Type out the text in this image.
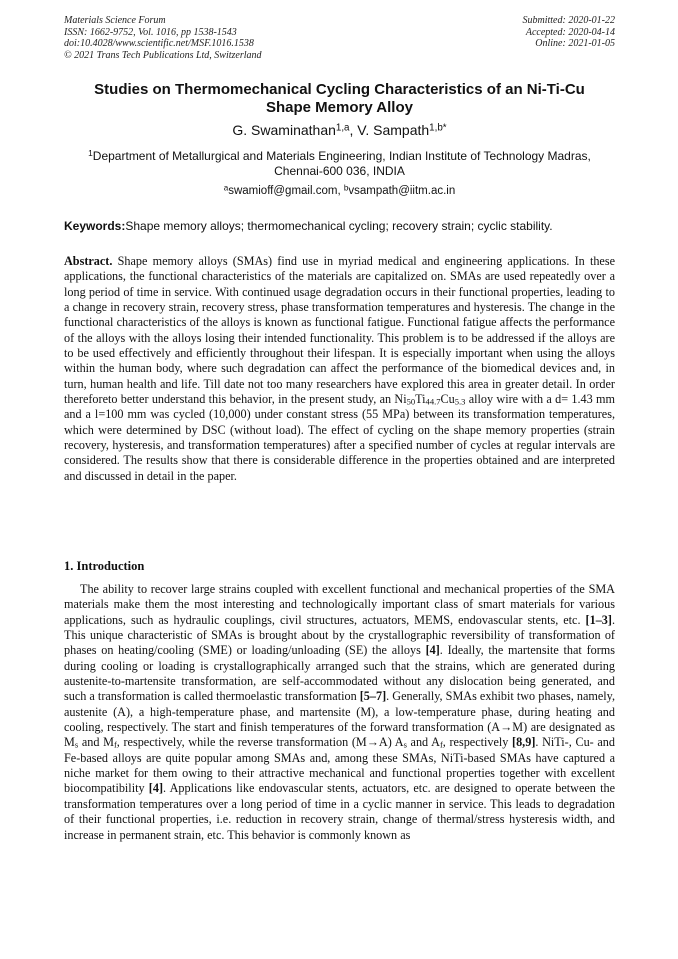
Materials Science Forum
ISSN: 1662-9752, Vol. 1016, pp 1538-1543
doi:10.4028/www.scientific.net/MSF.1016.1538
© 2021 Trans Tech Publications Ltd, Switzerland
Submitted: 2020-01-22
Accepted: 2020-04-14
Online: 2021-01-05
Studies on Thermomechanical Cycling Characteristics of an Ni-Ti-Cu
Shape Memory Alloy
G. Swaminathan$^{1,a}$, V. Sampath$^{1,b*}$
$^1$Department of Metallurgical and Materials Engineering, Indian Institute of Technology Madras,
Chennai-600 036, INDIA
$^a$swamioff@gmail.com, $^b$vsampath@iitm.ac.in
Keywords:Shape memory alloys; thermomechanical cycling; recovery strain; cyclic stability.
Abstract. Shape memory alloys (SMAs) find use in myriad medical and engineering applications. In these applications, the functional characteristics of the materials are capitalized on. SMAs are used repeatedly over a long period of time in service. With continued usage degradation occurs in their functional properties, leading to a change in recovery strain, recovery stress, phase transformation temperatures and hysteresis. The change in the functional characteristics of the alloys is known as functional fatigue. Functional fatigue affects the performance of the alloys with the alloys losing their intended functionality. This problem is to be addressed if the alloys are to be used effectively and efficiently throughout their lifespan. It is especially important when using the alloys within the human body, where such degradation can affect the performance of the biomedical devices and, in turn, human health and life. Till date not too many researchers have explored this area in greater detail. In order thereforeto better understand this behavior, in the present study, an $Ni_{50}Ti_{44.7}Cu_{5.3}$ alloy wire with a d= 1.43 mm and a l=100 mm was cycled (10,000) under constant stress (55 MPa) between its transformation temperatures, which were determined by DSC (without load). The effect of cycling on the shape memory properties (strain recovery, hysteresis, and transformation temperatures) after a specified number of cycles at regular intervals are considered. The results show that there is considerable difference in the properties obtained and are interpreted and discussed in detail in the paper.
1. Introduction
The ability to recover large strains coupled with excellent functional and mechanical properties of the SMA materials make them the most interesting and technologically important class of smart materials for various applications, such as hydraulic couplings, civil structures, actuators, MEMS, endovascular stents, etc. [1–3]. This unique characteristic of SMAs is brought about by the crystallographic reversibility of transformation of phases on heating/cooling (SME) or loading/unloading (SE) the alloys [4]. Ideally, the martensite that forms during cooling or loading is crystallographically arranged such that the strains, which are generated during austenite-to-martensite transformation, are self-accommodated without any dislocation being generated, and such a transformation is called thermoelastic transformation [5–7]. Generally, SMAs exhibit two phases, namely, austenite (A), a high-temperature phase, and martensite (M), a low-temperature phase, during heating and cooling, respectively. The start and finish temperatures of the forward transformation (A→M) are designated as $M_s$ and $M_f$, respectively, while the reverse transformation (M→A) $A_s$ and $A_f$, respectively [8,9]. NiTi-, Cu- and Fe-based alloys are quite popular among SMAs and, among these SMAs, NiTi-based SMAs have captured a niche market for them owing to their attractive mechanical and functional properties together with excellent biocompatibility [4]. Applications like endovascular stents, actuators, etc. are designed to operate between the transformation temperatures over a long period of time in a cyclic manner in service. This leads to degradation of their functional properties, i.e. reduction in recovery strain, change of thermal/stress hysteresis width, and increase in permanent strain, etc. This behavior is commonly known as
